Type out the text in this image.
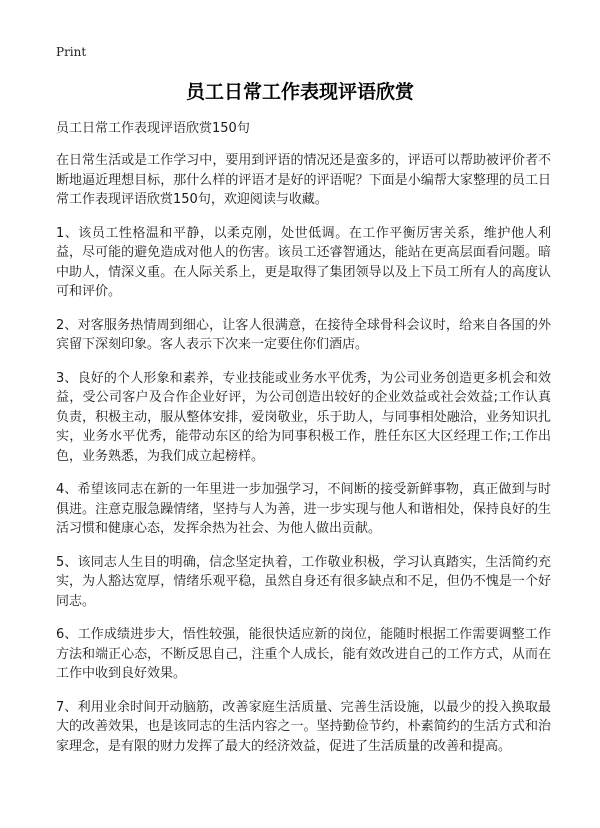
Print
员工日常工作表现评语欣赏

员工日常工作表现评语欣赏150句

在日常生活或是工作学习中，要用到评语的情况还是蛮多的，评语可以帮助被评价者不断地逼近理想目标，那什么样的评语才是好的评语呢？下面是小编帮大家整理的员工日常工作表现评语欣赏150句，欢迎阅读与收藏。

1、该员工性格温和平静，以柔克刚，处世低调。在工作平衡厉害关系，维护他人利益，尽可能的避免造成对他人的伤害。该员工还睿智通达，能站在更高层面看问题。暗中助人，情深义重。在人际关系上，更是取得了集团领导以及上下员工所有人的高度认可和评价。

2、对客服务热情周到细心，让客人很满意，在接待全球骨科会议时，给来自各国的外宾留下深刻印象。客人表示下次来一定要住你们酒店。

3、良好的个人形象和素养，专业技能或业务水平优秀，为公司业务创造更多机会和效益，受公司客户及合作企业好评，为公司创造出较好的企业效益或社会效益;工作认真负责，积极主动，服从整体安排，爱岗敬业，乐于助人，与同事相处融洽，业务知识扎实，业务水平优秀，能带动东区的给为同事积极工作，胜任东区大区经理工作;工作出色，业务熟悉，为我们成立起榜样。

4、希望该同志在新的一年里进一步加强学习，不间断的接受新鲜事物，真正做到与时俱进。注意克服急躁情绪，坚持与人为善，进一步实现与他人和谐相处，保持良好的生活习惯和健康心态，发挥余热为社会、为他人做出贡献。

5、该同志人生目的明确，信念坚定执着，工作敬业积极，学习认真踏实，生活简约充实，为人豁达宽厚，情绪乐观平稳，虽然自身还有很多缺点和不足，但仍不愧是一个好同志。

6、工作成绩进步大，悟性较强，能很快适应新的岗位，能随时根据工作需要调整工作方法和端正心态，不断反思自己，注重个人成长，能有效改进自己的工作方式，从而在工作中收到良好效果。

7、利用业余时间开动脑筋，改善家庭生活质量、完善生活设施，以最少的投入换取最大的改善效果，也是该同志的生活内容之一。坚持勤俭节约，朴素简约的生活方式和治家理念，是有限的财力发挥了最大的经济效益，促进了生活质量的改善和提高。
